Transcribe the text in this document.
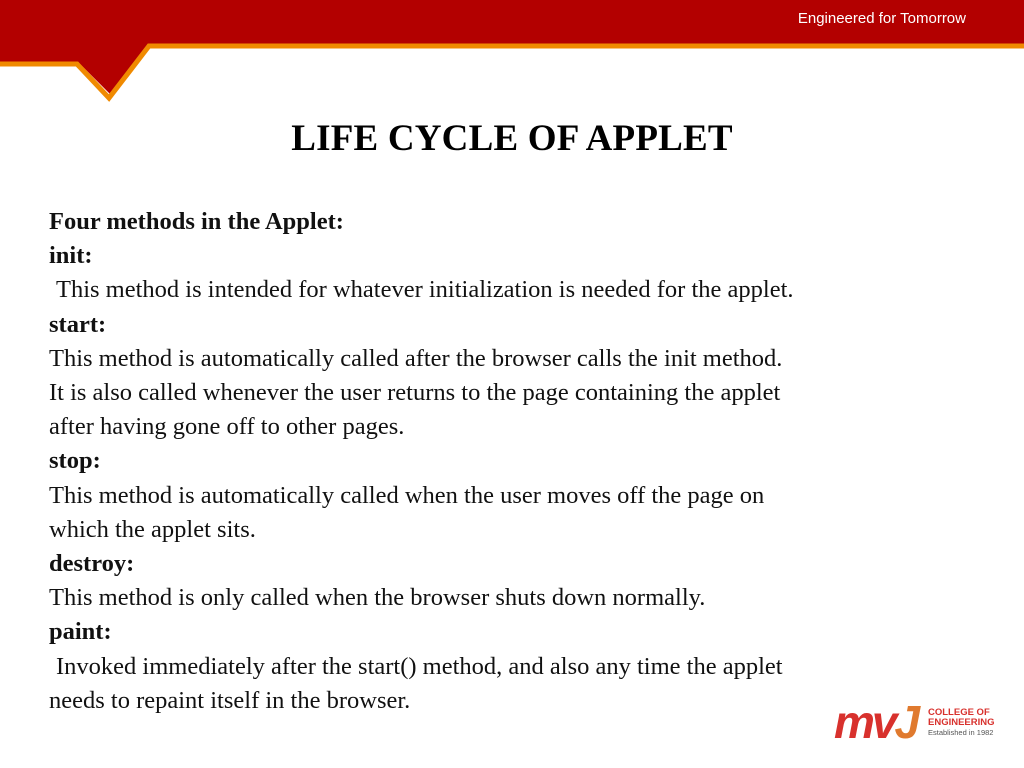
Engineered for Tomorrow
LIFE CYCLE OF APPLET

Four methods in the Applet:

init:

This method is intended for whatever initialization is needed for the applet.

start:

This method is automatically called after the browser calls the init method.

It is also called whenever the user returns to the page containing the applet

after having gone off to other pages.

stop:

This method is automatically called when the user moves off the page on

which the applet sits.

destroy:

This method is only called when the browser shuts down normally.

paint:

Invoked immediately after the start() method, and also any time the applet

needs to repaint itself in the browser.	mvJ COLLEGE OF
ENGINEERING
Established in 1982
